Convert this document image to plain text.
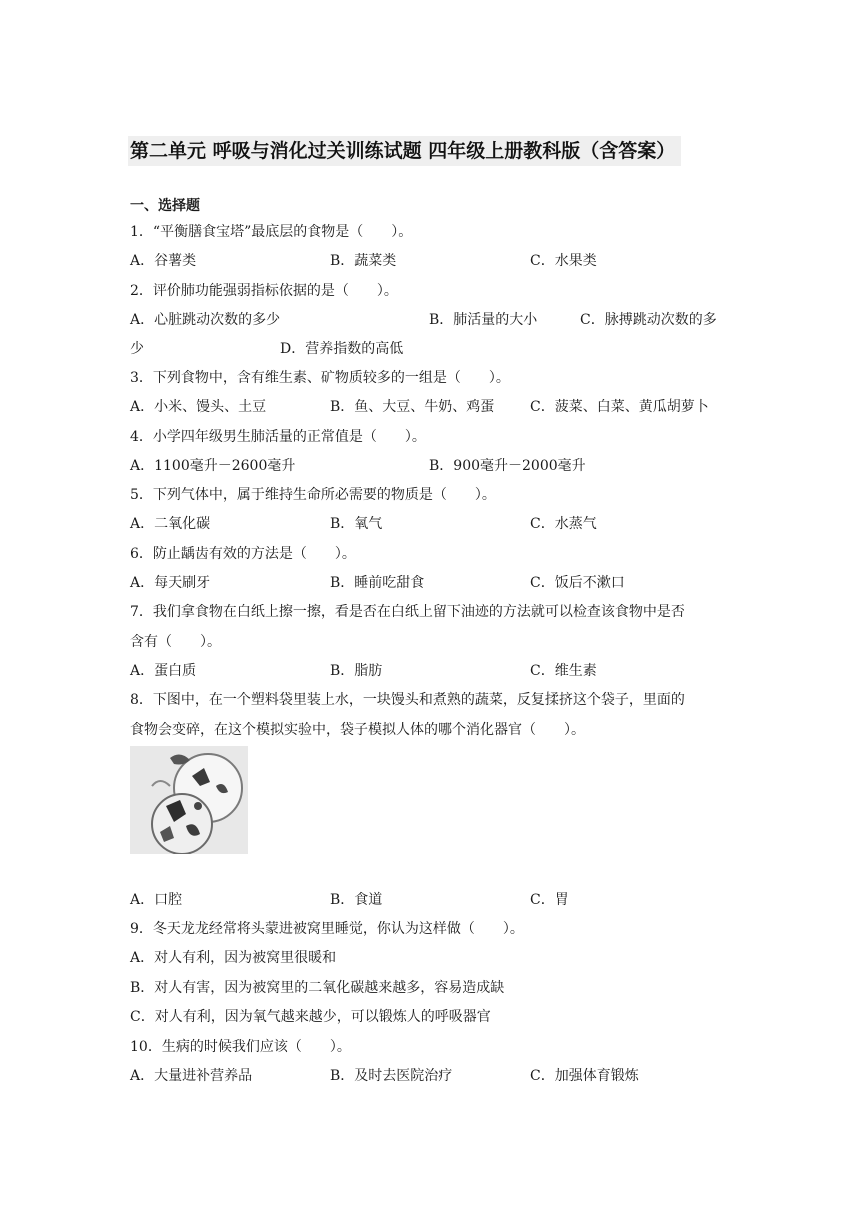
第二单元 呼吸与消化过关训练试题 四年级上册教科版（含答案）
一、选择题
1．“平衡膳食宝塔”最底层的食物是（　　）。
A．谷薯类	B．蔬菜类	C．水果类
2．评价肺功能强弱指标依据的是（　　）。
A．心脏跳动次数的多少	B．肺活量的大小	C．脉搏跳动次数的多
少	D．营养指数的高低
3．下列食物中，含有维生素、矿物质较多的一组是（　　）。
A．小米、馒头、土豆	B．鱼、大豆、牛奶、鸡蛋	C．菠菜、白菜、黄瓜胡萝卜
4．小学四年级男生肺活量的正常值是（　　）。
A．1100毫升－2600毫升	B．900毫升－2000毫升
5．下列气体中，属于维持生命所必需要的物质是（　　）。
A．二氧化碳	B．氧气	C．水蒸气
6．防止龋齿有效的方法是（　　）。
A．每天刷牙	B．睡前吃甜食	C．饭后不漱口
7．我们拿食物在白纸上擦一擦，看是否在白纸上留下油迹的方法就可以检查该食物中是否
含有（　　）。
A．蛋白质	B．脂肪	C．维生素
8．下图中，在一个塑料袋里装上水，一块馒头和煮熟的蔬菜，反复揉挤这个袋子，里面的
食物会变碎，在这个模拟实验中，袋子模拟人体的哪个消化器官（　　）。
A．口腔	B．食道	C．胃
9．冬天龙龙经常将头蒙进被窝里睡觉，你认为这样做（　　）。
A．对人有利，因为被窝里很暖和
B．对人有害，因为被窝里的二氧化碳越来越多，容易造成缺
C．对人有利，因为氧气越来越少，可以锻炼人的呼吸器官
10．生病的时候我们应该（　　）。
A．大量进补营养品	B．及时去医院治疗	C．加强体育锻炼
